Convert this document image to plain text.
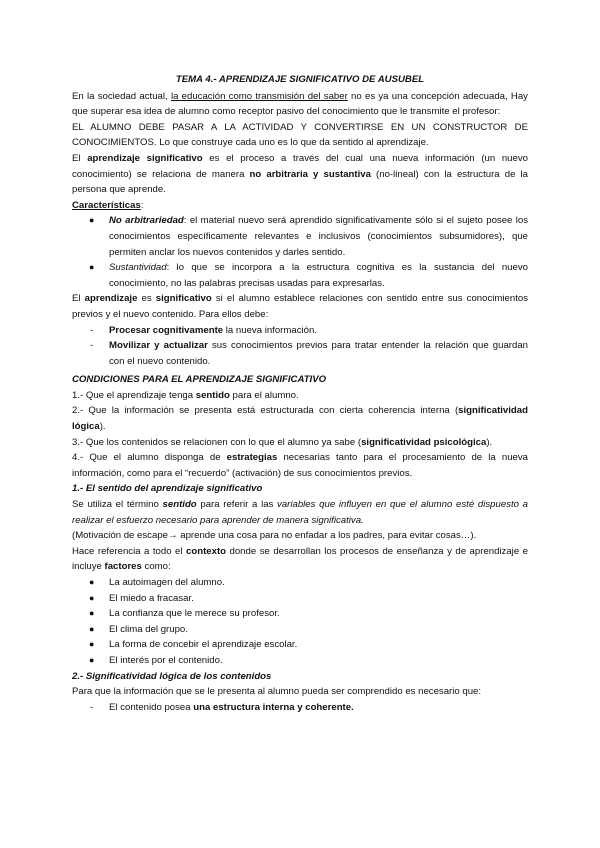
TEMA 4.- APRENDIZAJE SIGNIFICATIVO DE AUSUBEL

En la sociedad actual, la educación como transmisión del saber no es ya una concepción adecuada, Hay que superar esa idea de alumno como receptor pasivo del conocimiento que le transmite el profesor:

EL ALUMNO DEBE PASAR A LA ACTIVIDAD Y CONVERTIRSE EN UN CONSTRUCTOR DE CONOCIMIENTOS. Lo que construye cada uno es lo que da sentido al aprendizaje.

El aprendizaje significativo es el proceso a través del cual una nueva información (un nuevo conocimiento) se relaciona de manera no arbitraria y sustantiva (no-lineal) con la estructura de la persona que aprende.

Características:

● No arbitrariedad: el material nuevo será aprendido significativamente sólo si el sujeto posee los conocimientos específicamente relevantes e inclusivos (conocimientos subsumidores), que permiten anclar los nuevos contenidos y darles sentido.
● Sustantividad: lo que se incorpora a la estructura cognitiva es la sustancia del nuevo conocimiento, no las palabras precisas usadas para expresarlas.

El aprendizaje es significativo si el alumno establece relaciones con sentido entre sus conocimientos previos y el nuevo contenido. Para ellos debe:

- Procesar cognitivamente la nueva información.
- Movilizar y actualizar sus conocimientos previos para tratar entender la relación que guardan con el nuevo contenido.

CONDICIONES PARA EL APRENDIZAJE SIGNIFICATIVO

1.- Que el aprendizaje tenga sentido para el alumno.

2.- Que la información se presenta está estructurada con cierta coherencia interna (significatividad lógica).

3.- Que los contenidos se relacionen con lo que el alumno ya sabe (significatividad psicológica).

4.- Que el alumno disponga de estrategias necesarias tanto para el procesamiento de la nueva información, como para el “recuerdo” (activación) de sus conocimientos previos.

1.- El sentido del aprendizaje significativo

Se utiliza el término sentido para referir a las variables que influyen en que el alumno esté dispuesto a realizar el esfuerzo necesario para aprender de manera significativa.

(Motivación de escape→ aprende una cosa para no enfadar a los padres, para evitar cosas…).

Hace referencia a todo el contexto donde se desarrollan los procesos de enseñanza y de aprendizaje e incluye factores como:

● La autoimagen del alumno.
● El miedo a fracasar.
● La confianza que le merece su profesor.
● El clima del grupo.
● La forma de concebir el aprendizaje escolar.
● El interés por el contenido.

2.- Significatividad lógica de los contenidos

Para que la información que se le presenta al alumno pueda ser comprendido es necesario que:

- El contenido posea una estructura interna y coherente.
